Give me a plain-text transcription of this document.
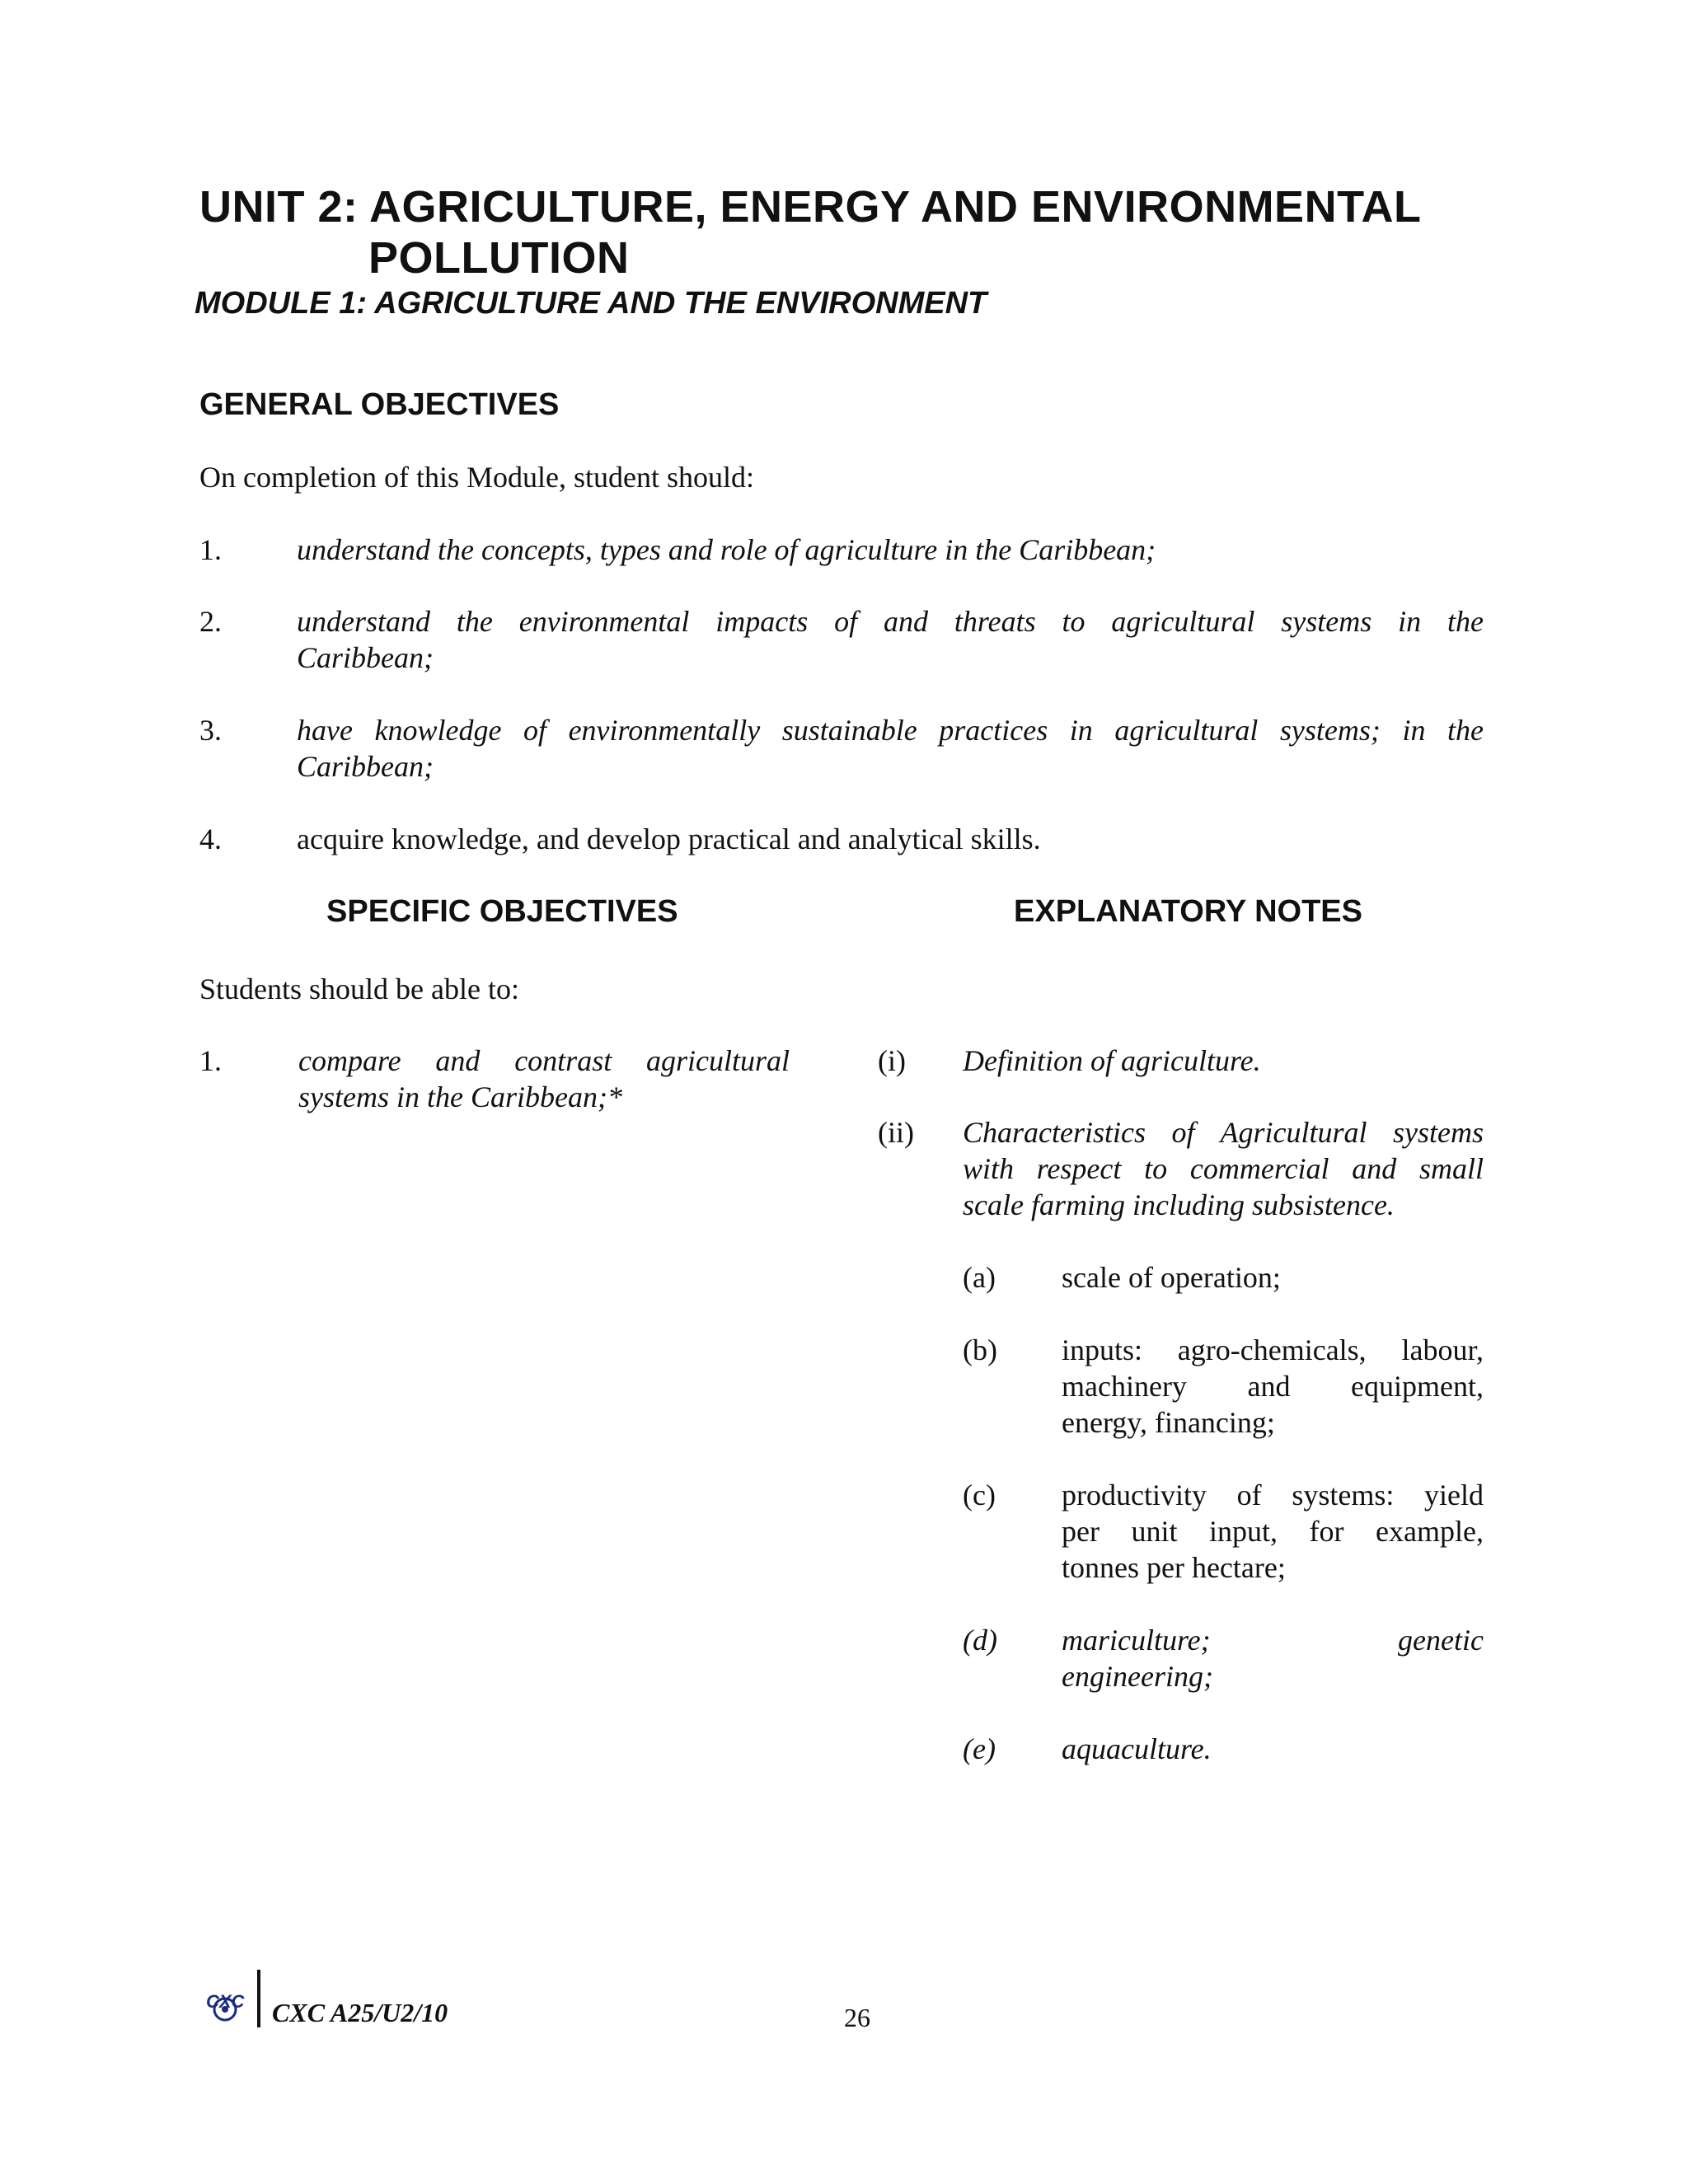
UNIT 2: AGRICULTURE, ENERGY AND ENVIRONMENTAL
POLLUTION
MODULE 1: AGRICULTURE AND THE ENVIRONMENT
GENERAL OBJECTIVES
On completion of this Module, student should:
1.	understand the concepts, types and role of agriculture in the Caribbean;
2.	understand the environmental impacts of and threats to agricultural systems in the
Caribbean;
3.	have knowledge of environmentally sustainable practices in agricultural systems; in the
Caribbean;
4.	acquire knowledge, and develop practical and analytical skills.
SPECIFIC OBJECTIVES	EXPLANATORY NOTES
Students should be able to:
1.	compare and contrast agricultural
systems in the Caribbean;*
(i) Definition of agriculture.
(ii) Characteristics of Agricultural systems
with respect to commercial and small
scale farming including subsistence.
(a) scale of operation;
(b) inputs: agro-chemicals, labour,
machinery and equipment,
energy, financing;
(c) productivity of systems: yield
per unit input, for example,
tonnes per hectare;
(d) mariculture; genetic
engineering;
(e) aquaculture.
CXC CXC A25/U2/10	26
